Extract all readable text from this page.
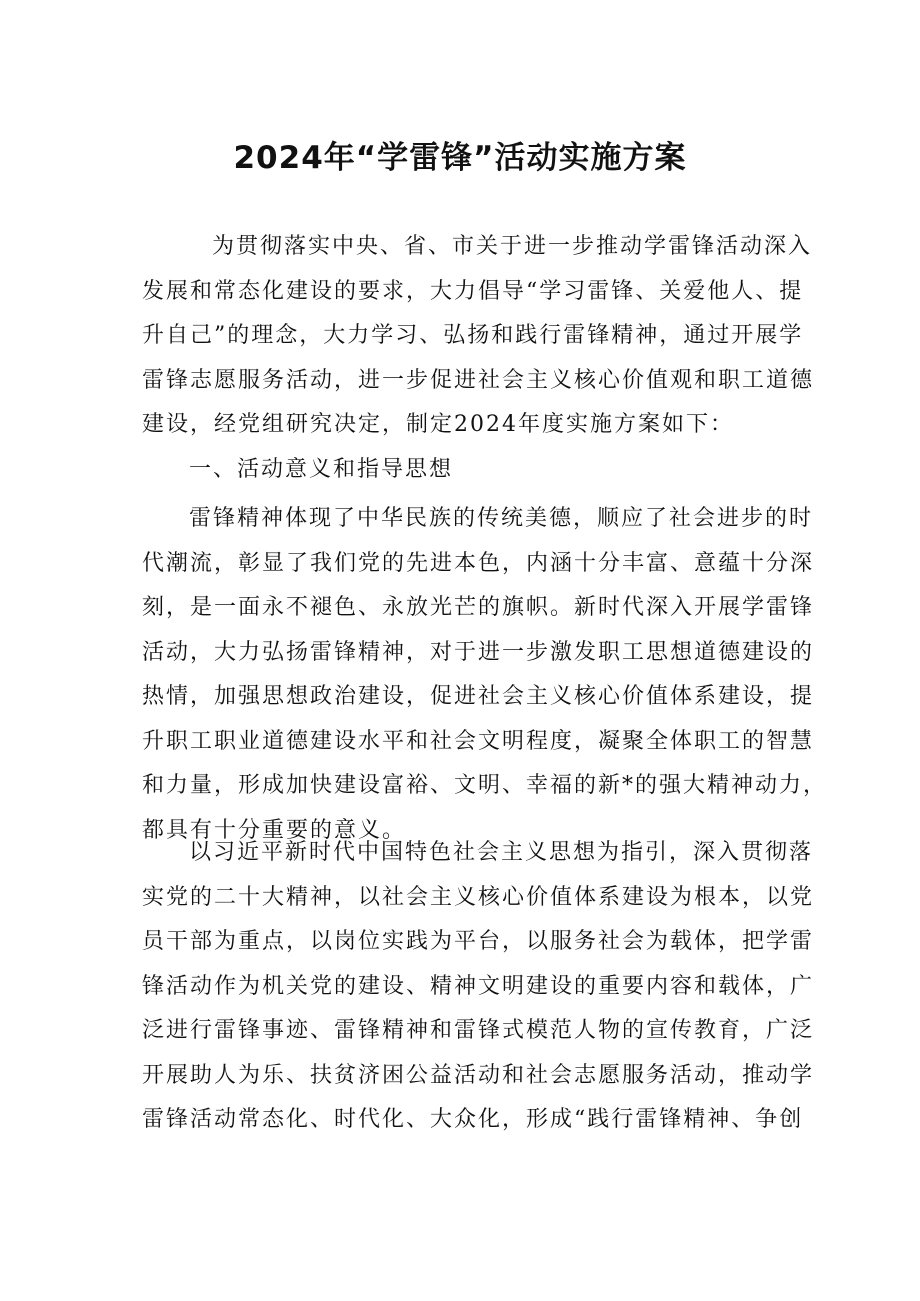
2024年“学雷锋”活动实施方案
为贯彻落实中央、省、市关于进一步推动学雷锋活动深入
发展和常态化建设的要求，大力倡导“学习雷锋、关爱他人、提
升自己”的理念，大力学习、弘扬和践行雷锋精神，通过开展学
雷锋志愿服务活动，进一步促进社会主义核心价值观和职工道德
建设，经党组研究决定，制定2024年度实施方案如下：
一、活动意义和指导思想
雷锋精神体现了中华民族的传统美德，顺应了社会进步的时
代潮流，彰显了我们党的先进本色，内涵十分丰富、意蕴十分深
刻，是一面永不褪色、永放光芒的旗帜。新时代深入开展学雷锋
活动，大力弘扬雷锋精神，对于进一步激发职工思想道德建设的
热情，加强思想政治建设，促进社会主义核心价值体系建设，提
升职工职业道德建设水平和社会文明程度，凝聚全体职工的智慧
和力量，形成加快建设富裕、文明、幸福的新*的强大精神动力，
都具有十分重要的意义。
以习近平新时代中国特色社会主义思想为指引，深入贯彻落
实党的二十大精神，以社会主义核心价值体系建设为根本，以党
员干部为重点，以岗位实践为平台，以服务社会为载体，把学雷
锋活动作为机关党的建设、精神文明建设的重要内容和载体，广
泛进行雷锋事迹、雷锋精神和雷锋式模范人物的宣传教育，广泛
开展助人为乐、扶贫济困公益活动和社会志愿服务活动，推动学
雷锋活动常态化、时代化、大众化，形成“践行雷锋精神、争创
